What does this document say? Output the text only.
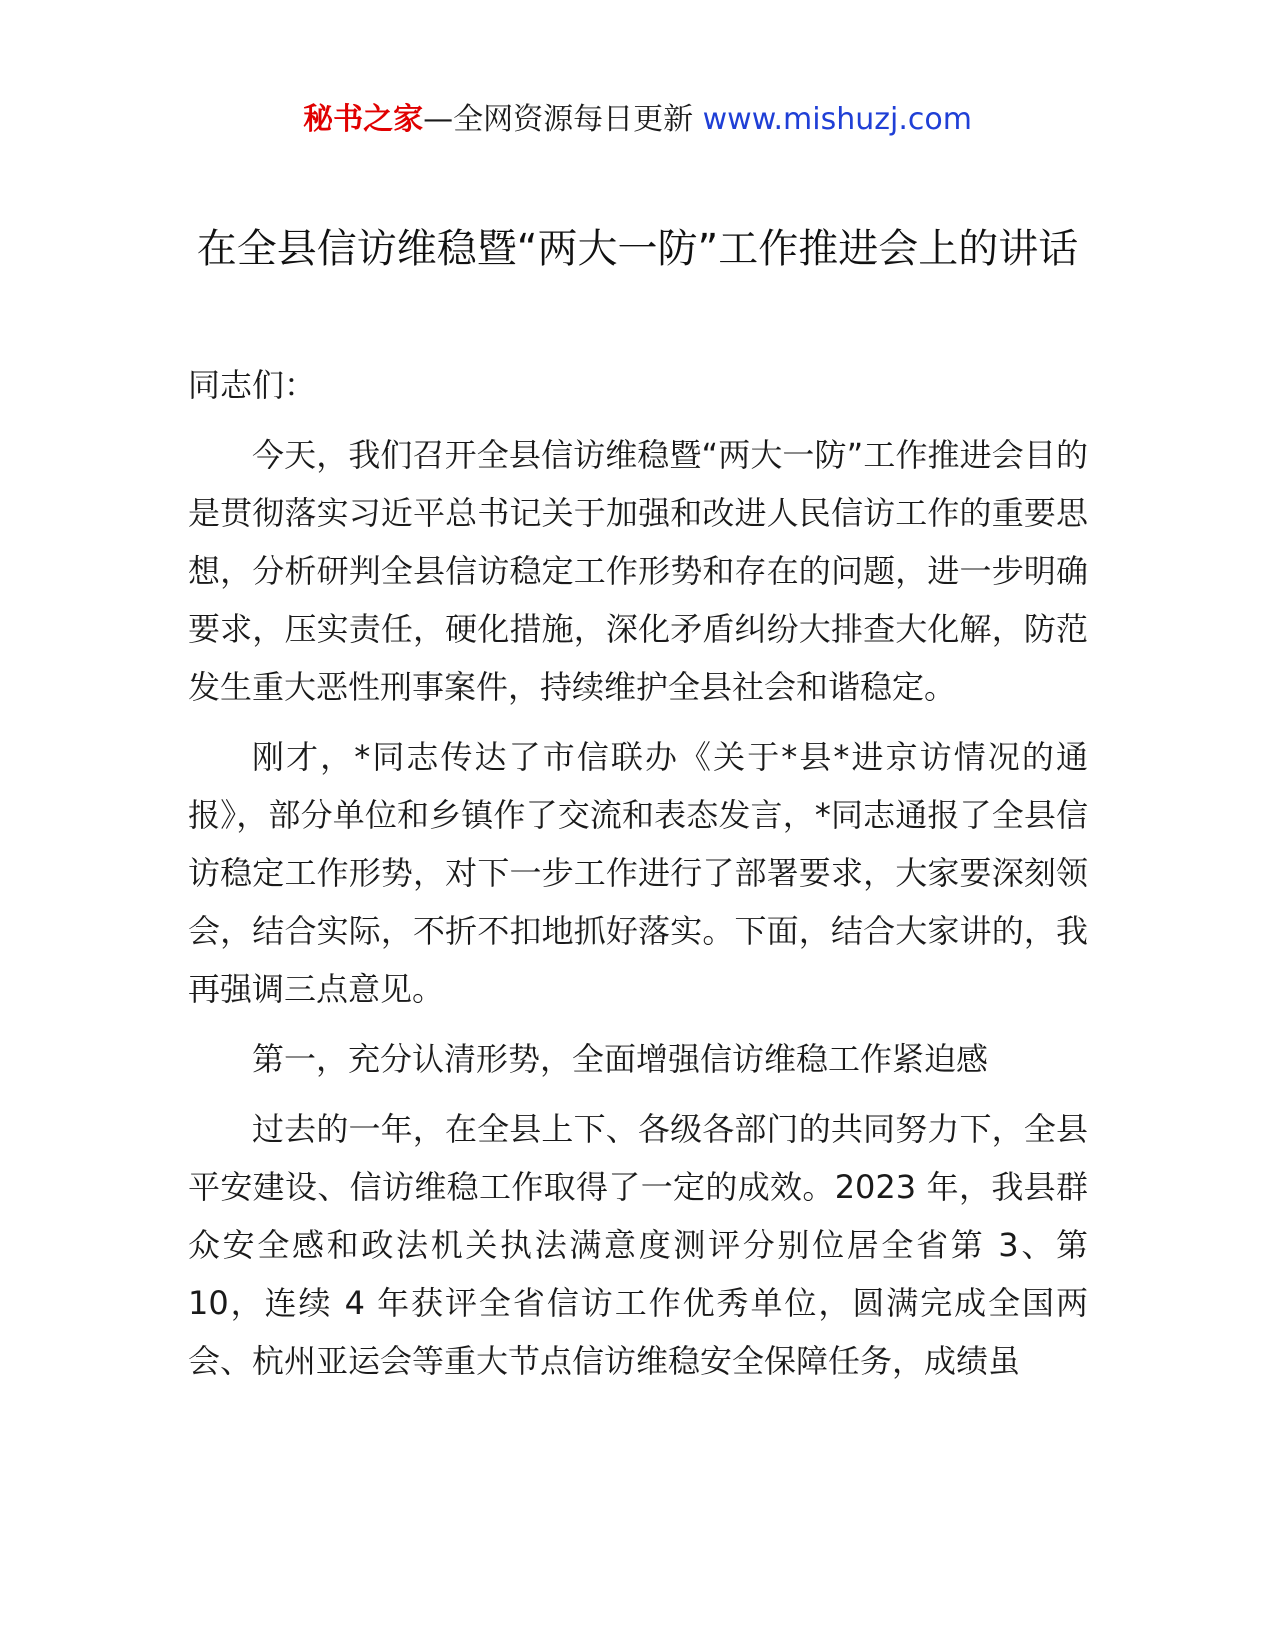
秘书之家—全网资源每日更新 www.mishuzj.com
在全县信访维稳暨“两大一防”工作推进会上的讲话

同志们：

今天，我们召开全县信访维稳暨“两大一防”工作推进会目的是贯彻落实习近平总书记关于加强和改进人民信访工作的重要思想，分析研判全县信访稳定工作形势和存在的问题，进一步明确要求，压实责任，硬化措施，深化矛盾纠纷大排查大化解，防范发生重大恶性刑事案件，持续维护全县社会和谐稳定。

刚才，*同志传达了市信联办《关于*县*进京访情况的通报》，部分单位和乡镇作了交流和表态发言，*同志通报了全县信访稳定工作形势，对下一步工作进行了部署要求，大家要深刻领会，结合实际，不折不扣地抓好落实。下面，结合大家讲的，我再强调三点意见。

第一，充分认清形势，全面增强信访维稳工作紧迫感

过去的一年，在全县上下、各级各部门的共同努力下，全县平安建设、信访维稳工作取得了一定的成效。2023 年，我县群众安全感和政法机关执法满意度测评分别位居全省第 3、第 10，连续 4 年获评全省信访工作优秀单位，圆满完成全国两会、杭州亚运会等重大节点信访维稳安全保障任务，成绩虽
